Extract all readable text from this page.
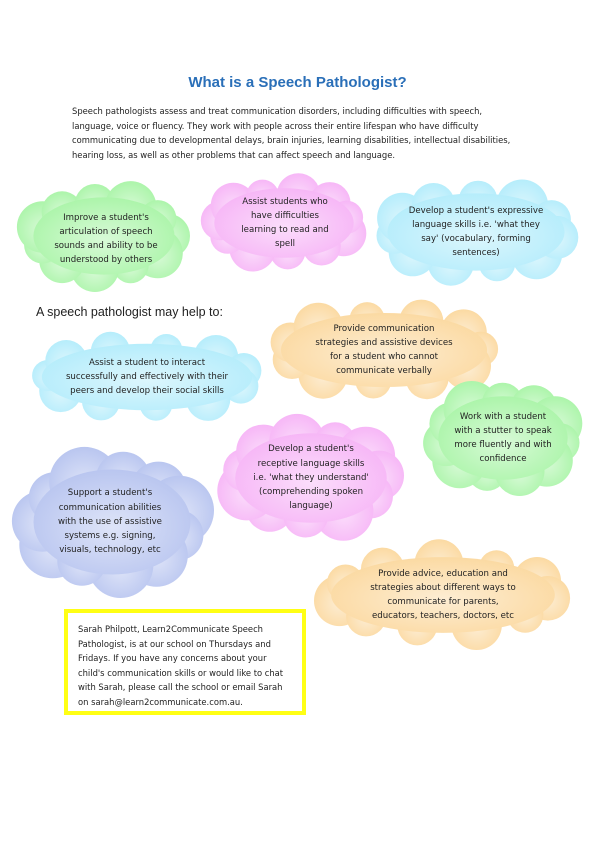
What is a Speech Pathologist?

Speech pathologists assess and treat communication disorders, including difficulties with speech, language, voice or fluency. They work with people across their entire lifespan who have difficulty communicating due to developmental delays, brain injuries, learning disabilities, intellectual disabilities, hearing loss, as well as other problems that can affect speech and language.

A speech pathologist may help to:

Improve a student's articulation of speech sounds and ability to be understood by others
Assist students who have difficulties learning to read and spell
Develop a student's expressive language skills i.e. 'what they say' (vocabulary, forming sentences)
Provide communication strategies and assistive devices for a student who cannot communicate verbally
Assist a student to interact successfully and effectively with their peers and develop their social skills
Work with a student with a stutter to speak more fluently and with confidence
Develop a student's receptive language skills i.e. 'what they understand' (comprehending spoken language)
Support a student's communication abilities with the use of assistive systems e.g. signing, visuals, technology, etc
Provide advice, education and strategies about different ways to communicate for parents, educators, teachers, doctors, etc
Sarah Philpott, Learn2Communicate Speech Pathologist, is at our school on Thursdays and Fridays. If you have any concerns about your child's communication skills or would like to chat with Sarah, please call the school or email Sarah on sarah@learn2communicate.com.au.
